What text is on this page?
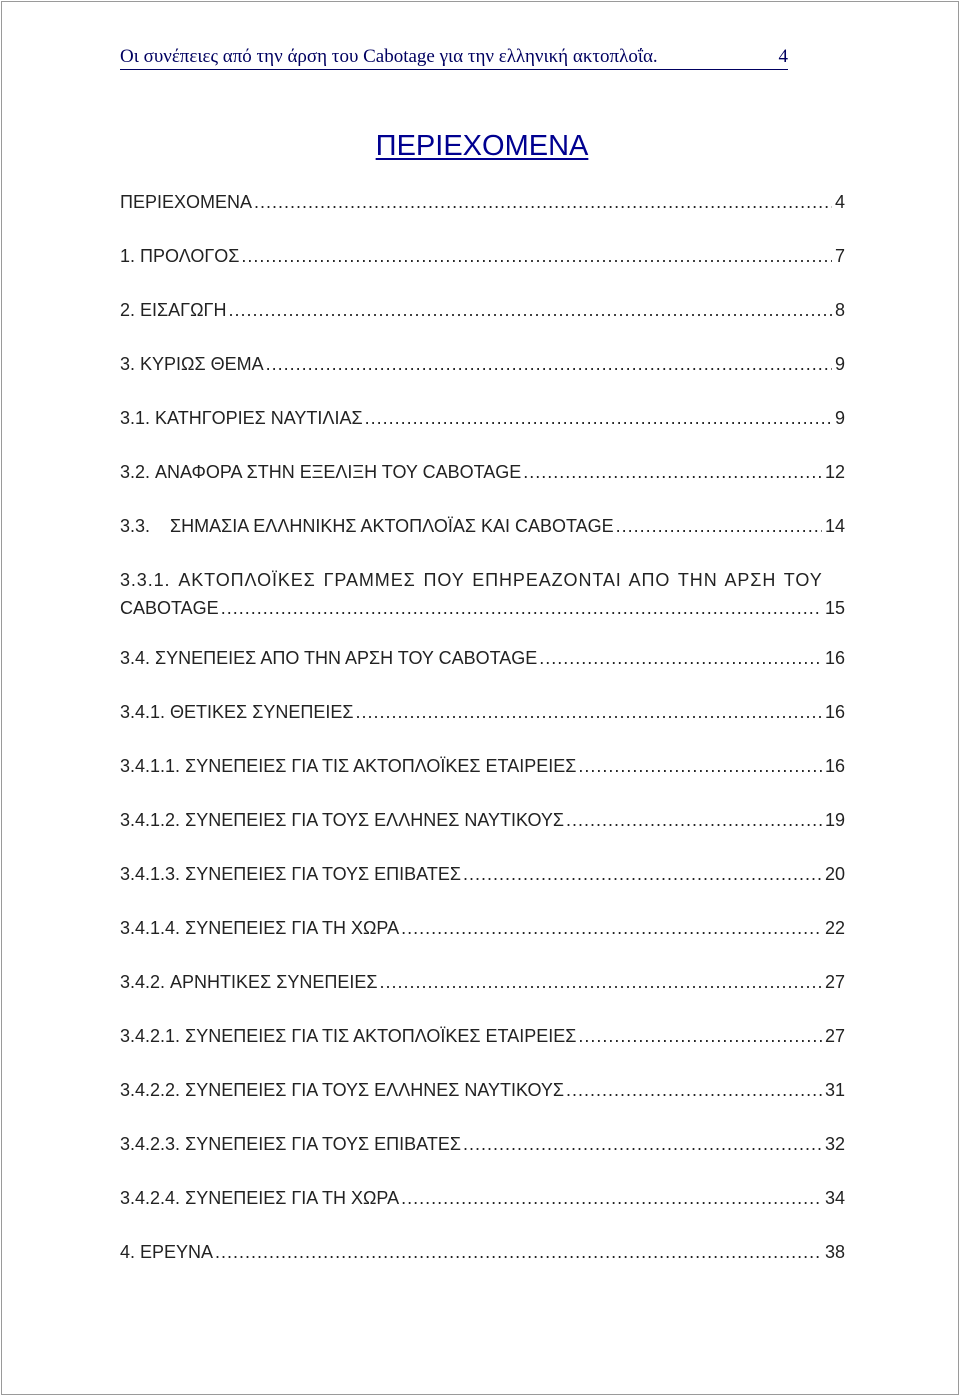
Οι συνέπειες από την άρση του Cabotage για την ελληνική ακτοπλοΐα.	4
ΠΕΡΙΕΧΟΜΕΝΑ
ΠΕΡΙΕΧΟΜΕΝΑ .....	4
1. ΠΡΟΛΟΓΟΣ .....	7
2. ΕΙΣΑΓΩΓΗ .....	8
3. ΚΥΡΙΩΣ ΘΕΜΑ .....	9
3.1. ΚΑΤΗΓΟΡΙΕΣ ΝΑΥΤΙΛΙΑΣ .....	9
3.2. ΑΝΑΦΟΡΑ ΣΤΗΝ ΕΞΕΛΙΞΗ ΤΟΥ CABOTAGE .....	12
3.3. ΣΗΜΑΣΙΑ ΕΛΛΗΝΙΚΗΣ ΑΚΤΟΠΛΟΪΑΣ ΚΑΙ CABOTAGE .....	14
3.3.1. ΑΚΤΟΠΛΟΪΚΕΣ ΓΡΑΜΜΕΣ ΠΟΥ ΕΠΗΡΕΑΖΟΝΤΑΙ ΑΠΟ ΤΗΝ ΑΡΣΗ ΤΟΥ
CABOTAGE .....	15
3.4. ΣΥΝΕΠΕΙΕΣ ΑΠΟ ΤΗΝ ΑΡΣΗ ΤΟΥ CABOTAGE .....	16
3.4.1. ΘΕΤΙΚΕΣ ΣΥΝΕΠΕΙΕΣ .....	16
3.4.1.1. ΣΥΝΕΠΕΙΕΣ ΓΙΑ ΤΙΣ ΑΚΤΟΠΛΟΪΚΕΣ ΕΤΑΙΡΕΙΕΣ .....	16
3.4.1.2. ΣΥΝΕΠΕΙΕΣ ΓΙΑ ΤΟΥΣ ΕΛΛΗΝΕΣ ΝΑΥΤΙΚΟΥΣ .....	19
3.4.1.3. ΣΥΝΕΠΕΙΕΣ ΓΙΑ ΤΟΥΣ ΕΠΙΒΑΤΕΣ .....	20
3.4.1.4. ΣΥΝΕΠΕΙΕΣ ΓΙΑ ΤΗ ΧΩΡΑ .....	22
3.4.2. ΑΡΝΗΤΙΚΕΣ ΣΥΝΕΠΕΙΕΣ .....	27
3.4.2.1. ΣΥΝΕΠΕΙΕΣ ΓΙΑ ΤΙΣ ΑΚΤΟΠΛΟΪΚΕΣ ΕΤΑΙΡΕΙΕΣ .....	27
3.4.2.2. ΣΥΝΕΠΕΙΕΣ ΓΙΑ ΤΟΥΣ ΕΛΛΗΝΕΣ ΝΑΥΤΙΚΟΥΣ .....	31
3.4.2.3. ΣΥΝΕΠΕΙΕΣ ΓΙΑ ΤΟΥΣ ΕΠΙΒΑΤΕΣ .....	32
3.4.2.4. ΣΥΝΕΠΕΙΕΣ ΓΙΑ ΤΗ ΧΩΡΑ .....	34
4. ΕΡΕΥΝΑ .....	38
